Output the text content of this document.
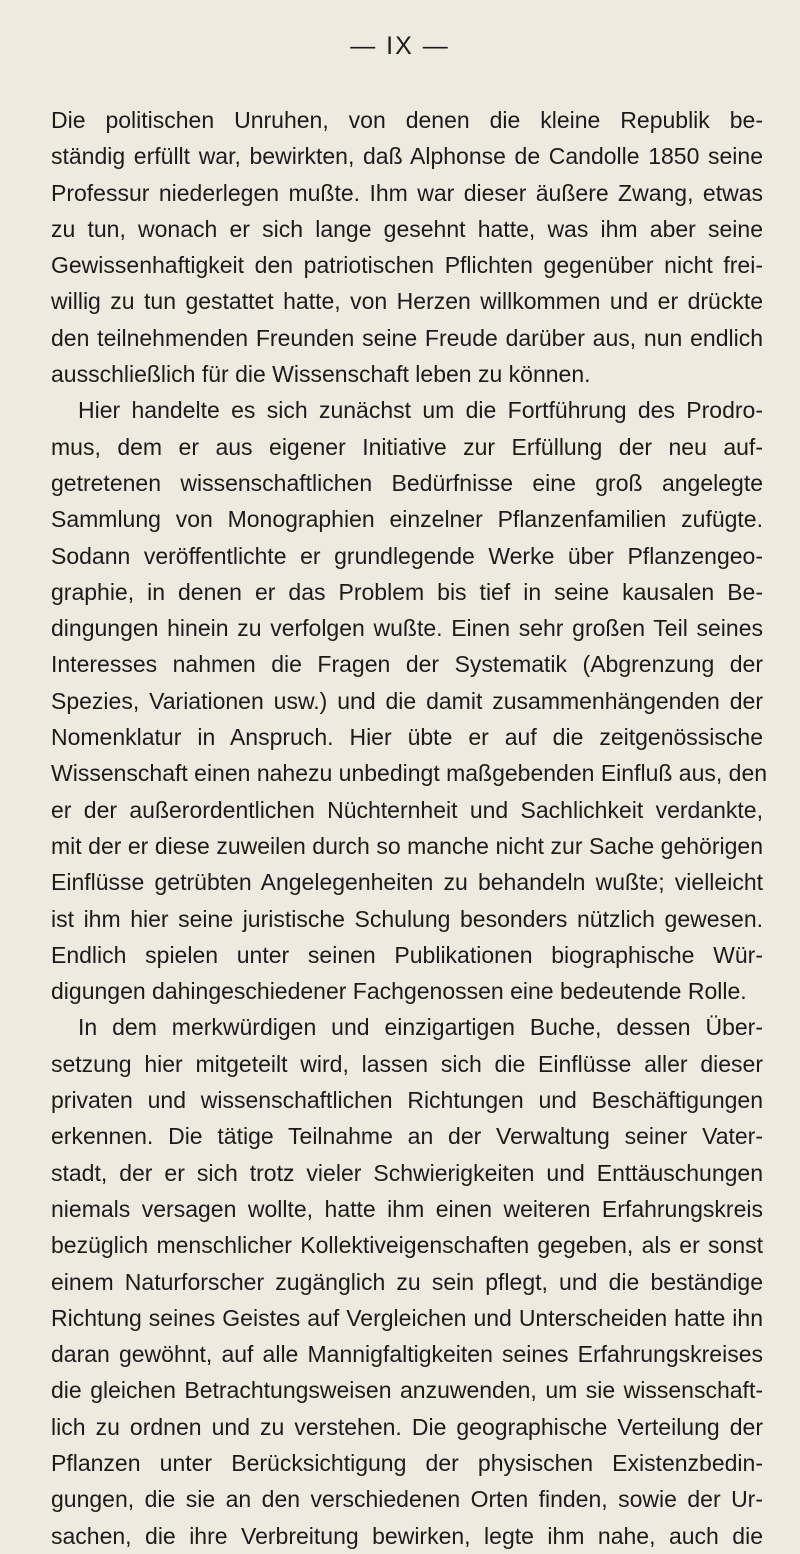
— IX —
Die politischen Unruhen, von denen die kleine Republik be-
ständig erfüllt war, bewirkten, daß Alphonse de Candolle 1850 seine
Professur niederlegen mußte. Ihm war dieser äußere Zwang, etwas
zu tun, wonach er sich lange gesehnt hatte, was ihm aber seine
Gewissenhaftigkeit den patriotischen Pflichten gegenüber nicht frei-
willig zu tun gestattet hatte, von Herzen willkommen und er drückte
den teilnehmenden Freunden seine Freude darüber aus, nun endlich
ausschließlich für die Wissenschaft leben zu können.
Hier handelte es sich zunächst um die Fortführung des Prodro-
mus, dem er aus eigener Initiative zur Erfüllung der neu auf-
getretenen wissenschaftlichen Bedürfnisse eine groß angelegte
Sammlung von Monographien einzelner Pflanzenfamilien zufügte.
Sodann veröffentlichte er grundlegende Werke über Pflanzengeo-
graphie, in denen er das Problem bis tief in seine kausalen Be-
dingungen hinein zu verfolgen wußte. Einen sehr großen Teil seines
Interesses nahmen die Fragen der Systematik (Abgrenzung der
Spezies, Variationen usw.) und die damit zusammenhängenden der
Nomenklatur in Anspruch. Hier übte er auf die zeitgenössische
Wissenschaft einen nahezu unbedingt maßgebenden Einfluß aus, den
er der außerordentlichen Nüchternheit und Sachlichkeit verdankte,
mit der er diese zuweilen durch so manche nicht zur Sache gehörigen
Einflüsse getrübten Angelegenheiten zu behandeln wußte; vielleicht
ist ihm hier seine juristische Schulung besonders nützlich gewesen.
Endlich spielen unter seinen Publikationen biographische Wür-
digungen dahingeschiedener Fachgenossen eine bedeutende Rolle.
In dem merkwürdigen und einzigartigen Buche, dessen Über-
setzung hier mitgeteilt wird, lassen sich die Einflüsse aller dieser
privaten und wissenschaftlichen Richtungen und Beschäftigungen
erkennen. Die tätige Teilnahme an der Verwaltung seiner Vater-
stadt, der er sich trotz vieler Schwierigkeiten und Enttäuschungen
niemals versagen wollte, hatte ihm einen weiteren Erfahrungskreis
bezüglich menschlicher Kollektiveigenschaften gegeben, als er sonst
einem Naturforscher zugänglich zu sein pflegt, und die beständige
Richtung seines Geistes auf Vergleichen und Unterscheiden hatte ihn
daran gewöhnt, auf alle Mannigfaltigkeiten seines Erfahrungskreises
die gleichen Betrachtungsweisen anzuwenden, um sie wissenschaft-
lich zu ordnen und zu verstehen. Die geographische Verteilung der
Pflanzen unter Berücksichtigung der physischen Existenzbedin-
gungen, die sie an den verschiedenen Orten finden, sowie der Ur-
sachen, die ihre Verbreitung bewirken, legte ihm nahe, auch die
